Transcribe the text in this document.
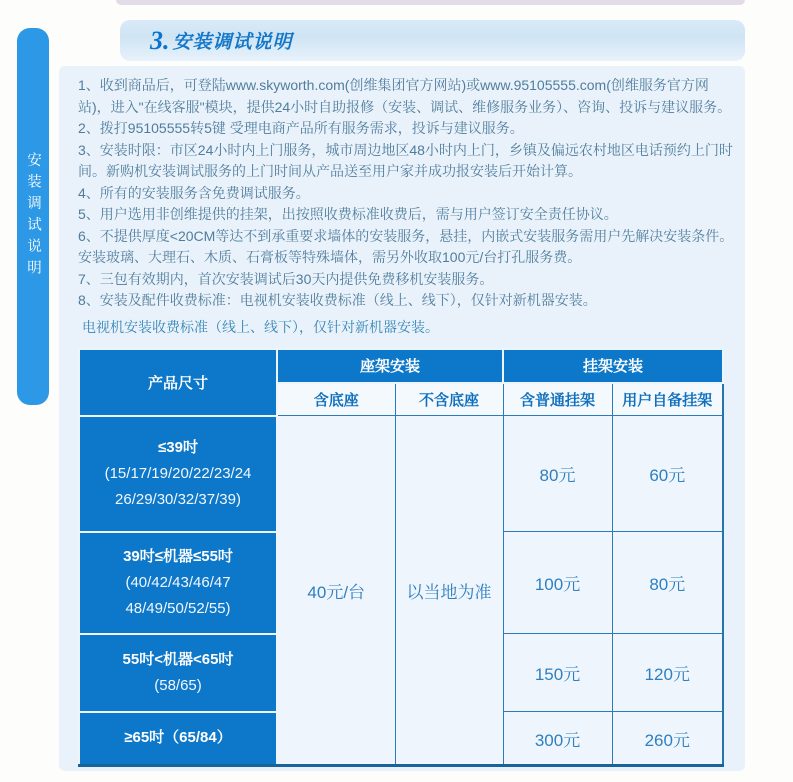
安装调试说明
3. 安装调试说明

1、收到商品后，可登陆www.skyworth.com(创维集团官方网站)或www.95105555.com(创维服务官方网站)，进入"在线客服"模块，提供24小时自助报修（安装、调试、维修服务业务）、咨询、投诉与建议服务。

2、拨打95105555转5键 受理电商产品所有服务需求，投诉与建议服务。

3、安装时限：市区24小时内上门服务，城市周边地区48小时内上门，乡镇及偏远农村地区电话预约上门时间。新购机安装调试服务的上门时间从产品送至用户家并成功报安装后开始计算。

4、所有的安装服务含免费调试服务。

5、用户选用非创维提供的挂架，出按照收费标准收费后，需与用户签订安全责任协议。

6、不提供厚度<20CM等达不到承重要求墙体的安装服务，悬挂，内嵌式安装服务需用户先解决安装条件。安装玻璃、大理石、木质、石膏板等特殊墙体，需另外收取100元/台打孔服务费。

7、三包有效期内，首次安装调试后30天内提供免费移机安装服务。

8、安装及配件收费标准：电视机安装收费标准（线上、线下），仅针对新机器安装。

电视机安装收费标准（线上、线下），仅针对新机器安装。

产品尺寸	座架安装		挂架安装	
	含底座	不含底座	含普通挂架	用户自备挂架

≤39吋
(15/17/19/20/22/23/24
26/29/30/32/37/39)	40元/台	以当地为准	80元	60元

39吋≤机器≤55吋
(40/42/43/46/47
48/49/50/52/55)			100元	80元

55吋<机器<65吋
(58/65)			150元	120元

≥65吋（65/84）			300元	260元
